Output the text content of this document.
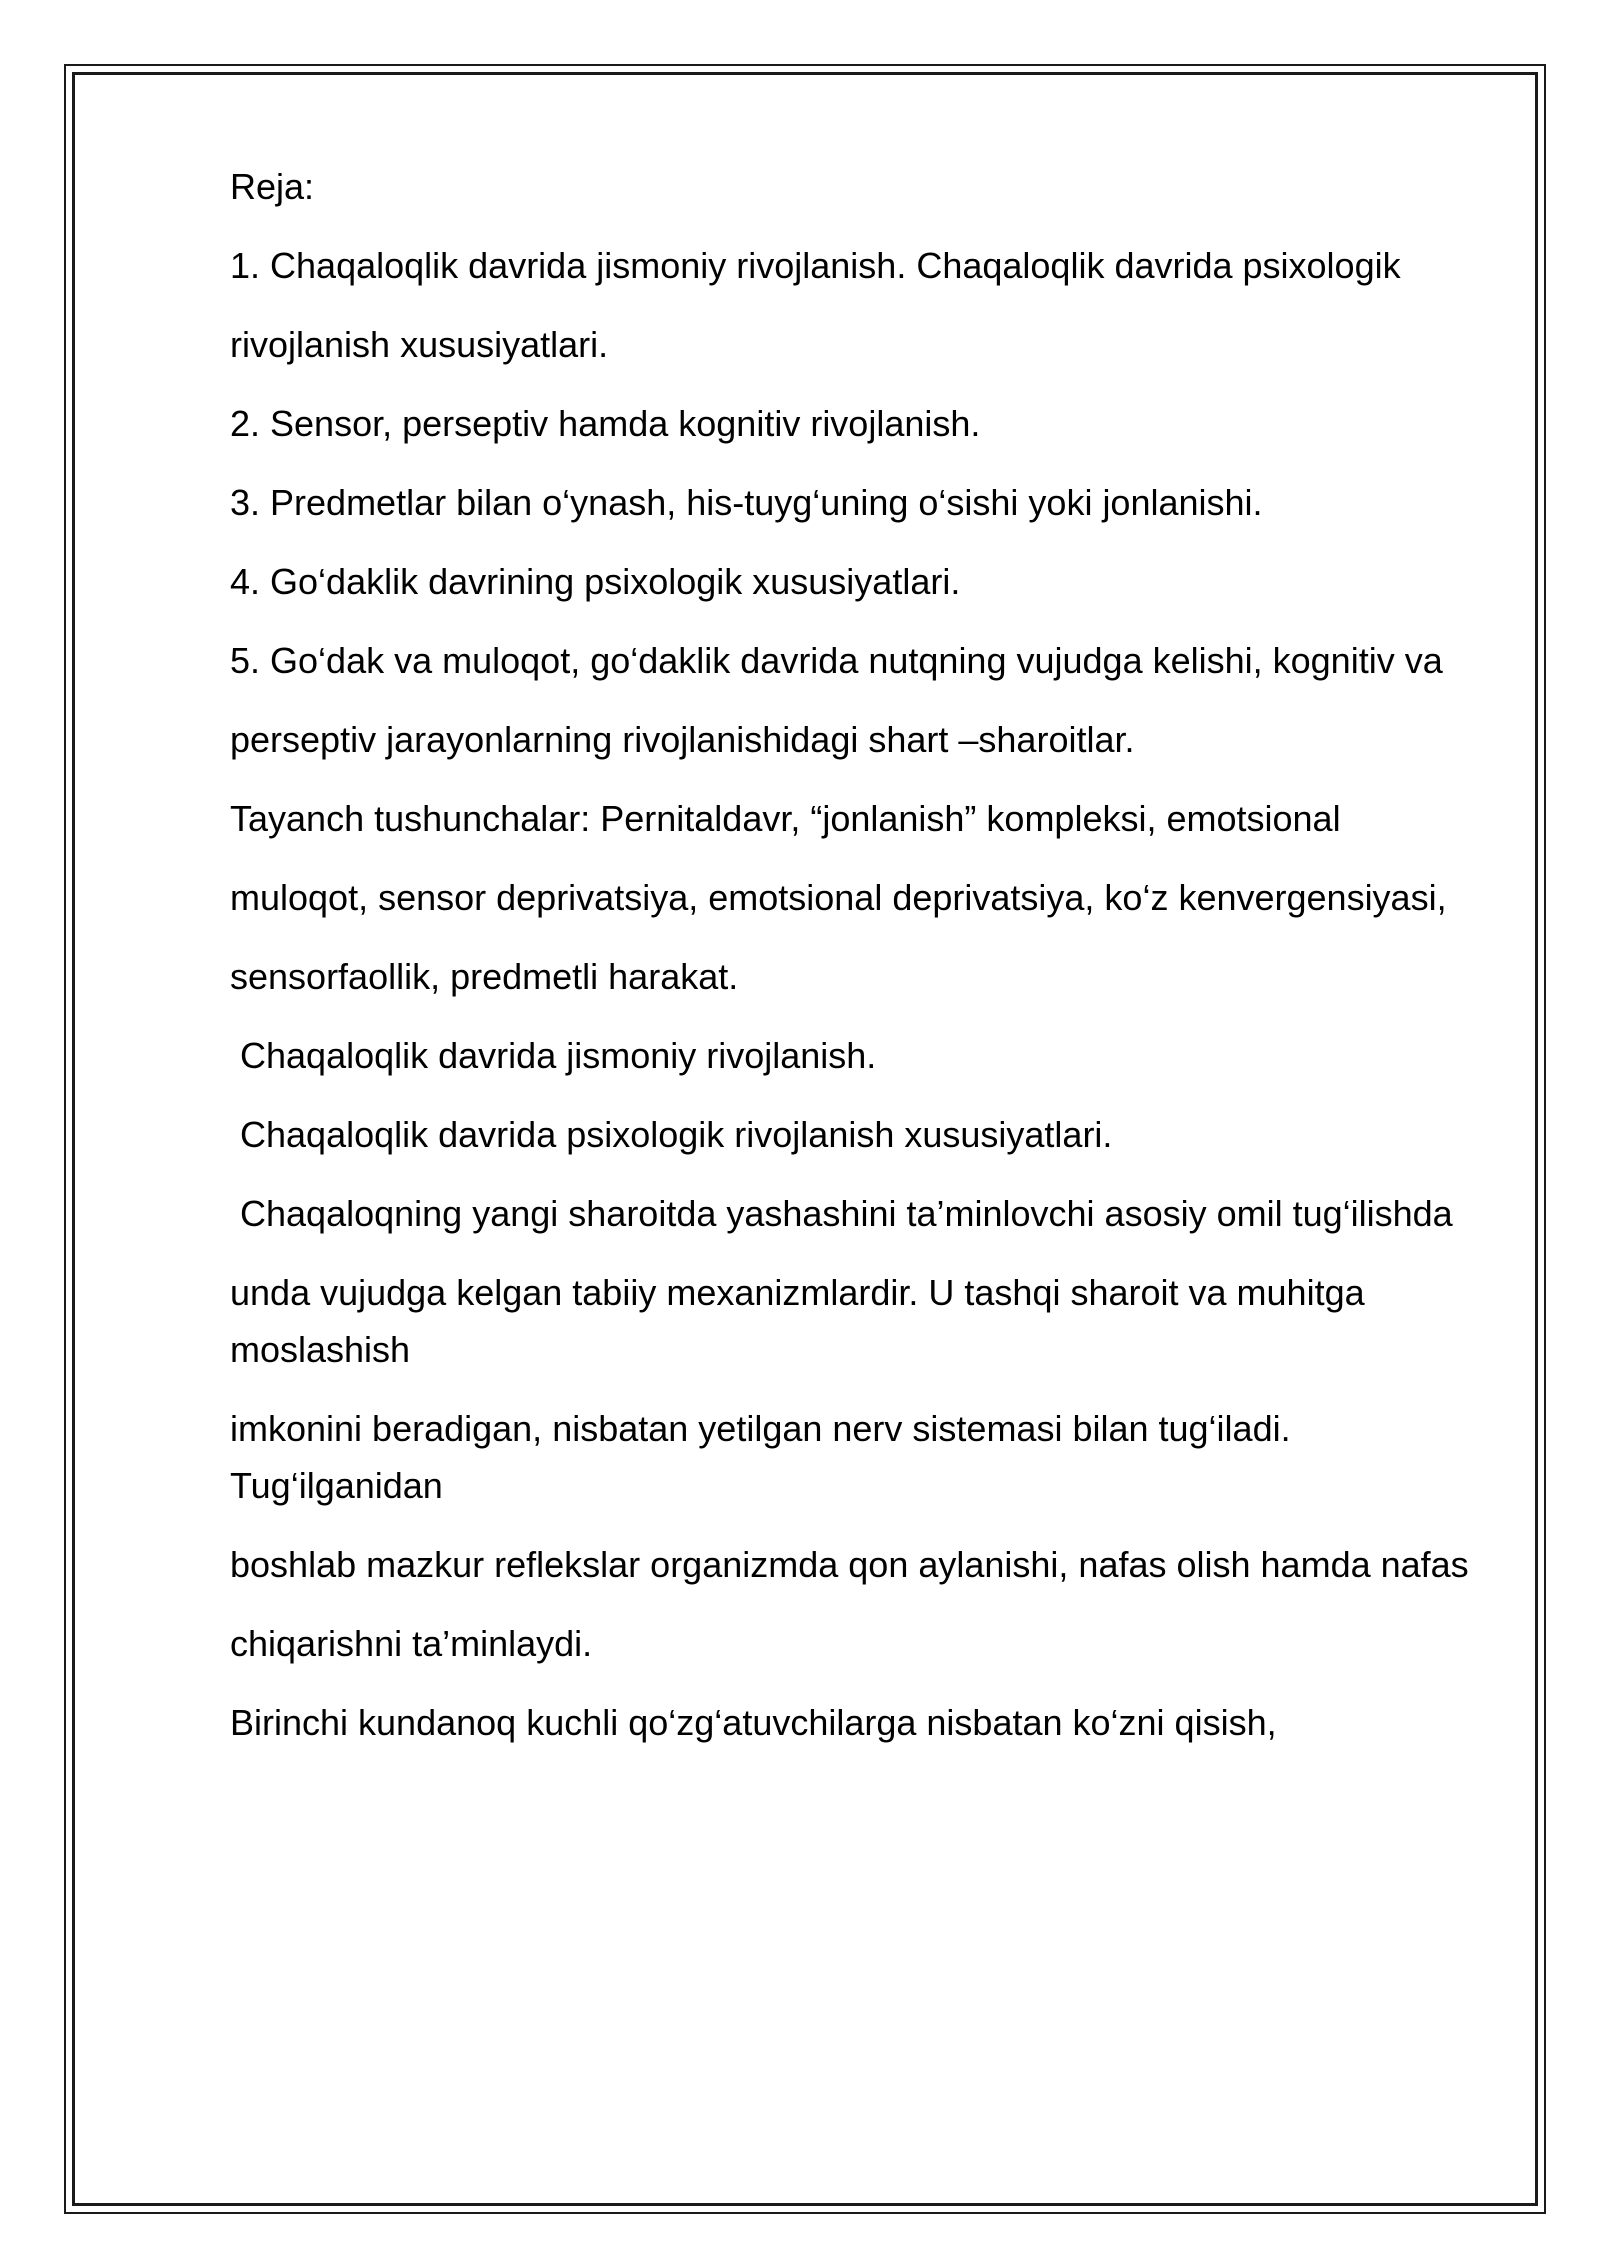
Reja:

1. Chaqaloqlik davrida jismoniy rivojlanish. Chaqaloqlik davrida psixologik

rivojlanish xususiyatlari.

2. Sensor, perseptiv hamda kognitiv rivojlanish.

3. Predmetlar bilan o‘ynash, his-tuyg‘uning o‘sishi yoki jonlanishi.

4. Go‘daklik davrining psixologik xususiyatlari.

5. Go‘dak va muloqot, go‘daklik davrida nutqning vujudga kelishi, kognitiv va

perseptiv jarayonlarning rivojlanishidagi shart –sharoitlar.

Tayanch tushunchalar: Pernitaldavr, “jonlanish” kompleksi, emotsional

muloqot, sensor deprivatsiya, emotsional deprivatsiya, ko‘z kenvergensiyasi,

sensorfaollik, predmetli harakat.

Chaqaloqlik davrida jismoniy rivojlanish.

Chaqaloqlik davrida psixologik rivojlanish xususiyatlari.

Chaqaloqning yangi sharoitda yashashini ta’minlovchi asosiy omil tug‘ilishda

unda vujudga kelgan tabiiy mexanizmlardir. U tashqi sharoit va muhitga moslashish

imkonini beradigan, nisbatan yetilgan nerv sistemasi bilan tug‘iladi. Tug‘ilganidan

boshlab mazkur reflekslar organizmda qon aylanishi, nafas olish hamda nafas

chiqarishni ta’minlaydi.

Birinchi kundanoq kuchli qo‘zg‘atuvchilarga nisbatan ko‘zni qisish,
